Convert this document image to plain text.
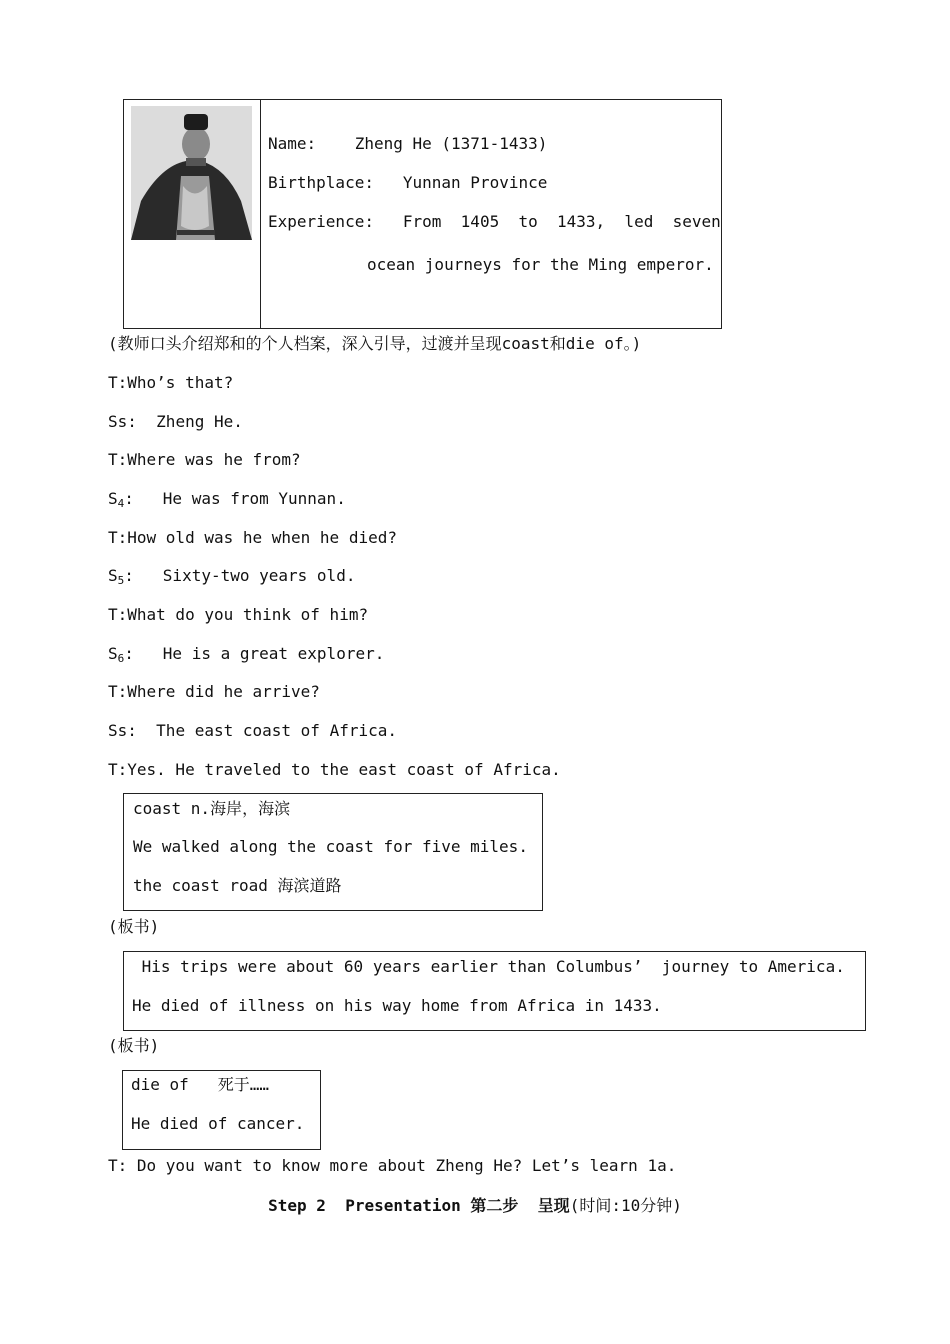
Name: Zheng He (1371-1433)
Birthplace: Yunnan Province
Experience: From  1405  to  1433,  led  seven
ocean journeys for the Ming emperor.
(教师口头介绍郑和的个人档案，深入引导，过渡并呈现coast和die of。)
T:Who’s that?
Ss:  Zheng He.
T:Where was he from?
$S_4$:   He was from Yunnan.
T:How old was he when he died?
$S_5$:   Sixty-two years old.
T:What do you think of him?
$S_6$:   He is a great explorer.
T:Where did he arrive?
Ss:  The east coast of Africa.
T:Yes. He traveled to the east coast of Africa.
coast n.海岸，海滨
We walked along the coast for five miles.
the coast road 海滨道路
(板书)
His trips were about 60 years earlier than Columbus’  journey to America.
He died of illness on his way home from Africa in 1433.
(板书)
die of   死于……
He died of cancer.
T: Do you want to know more about Zheng He? Let’s learn 1a.
Step 2  Presentation 第二步  呈现(时间:10分钟)
